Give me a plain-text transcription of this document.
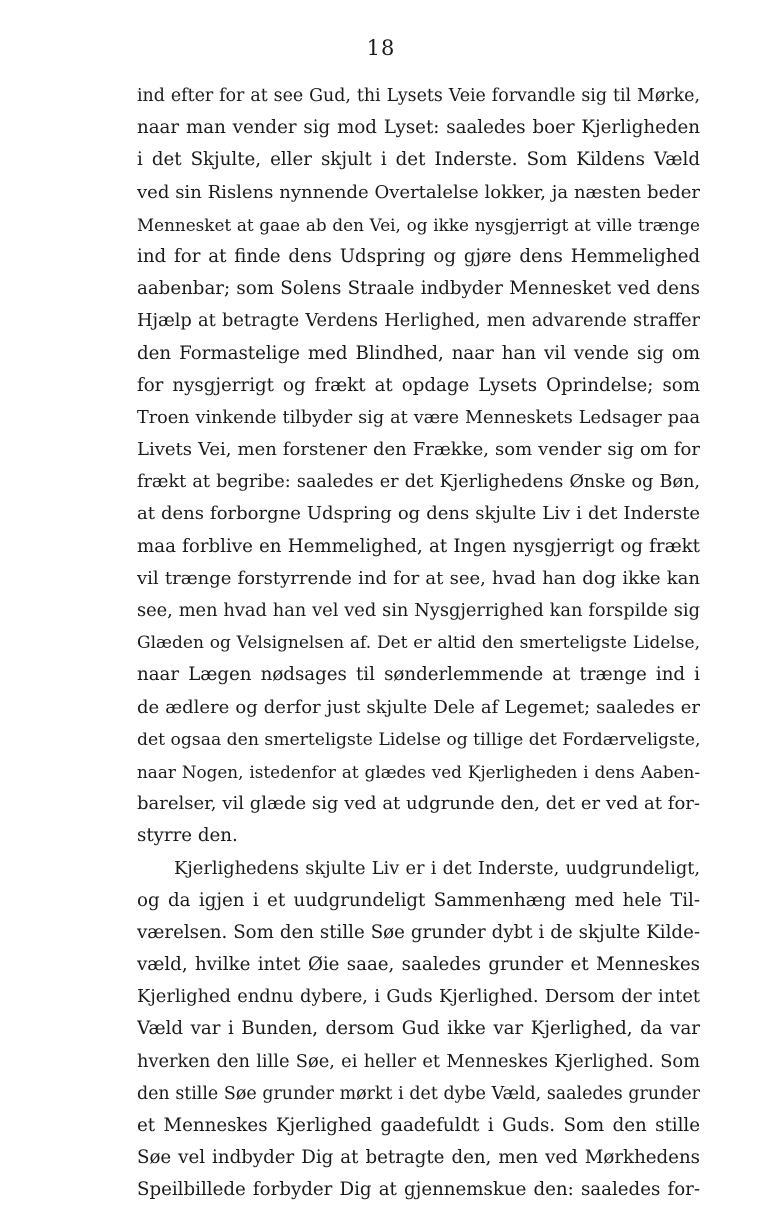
18
ind efter for at see Gud, thi Lysets Veie forvandle sig til Mørke,
naar man vender sig mod Lyset: saaledes boer Kjerligheden
i det Skjulte, eller skjult i det Inderste. Som Kildens Væld
ved sin Rislens nynnende Overtalelse lokker, ja næsten beder
Mennesket at gaae ab den Vei, og ikke nysgjerrigt at ville trænge
ind for at finde dens Udspring og gjøre dens Hemmelighed
aabenbar; som Solens Straale indbyder Mennesket ved dens
Hjælp at betragte Verdens Herlighed, men advarende straffer
den Formastelige med Blindhed, naar han vil vende sig om
for nysgjerrigt og frækt at opdage Lysets Oprindelse; som
Troen vinkende tilbyder sig at være Menneskets Ledsager paa
Livets Vei, men forstener den Frække, som vender sig om for
frækt at begribe: saaledes er det Kjerlighedens Ønske og Bøn,
at dens forborgne Udspring og dens skjulte Liv i det Inderste
maa forblive en Hemmelighed, at Ingen nysgjerrigt og frækt
vil trænge forstyrrende ind for at see, hvad han dog ikke kan
see, men hvad han vel ved sin Nysgjerrighed kan forspilde sig
Glæden og Velsignelsen af. Det er altid den smerteligste Lidelse,
naar Lægen nødsages til sønderlemmende at trænge ind i
de ædlere og derfor just skjulte Dele af Legemet; saaledes er
det ogsaa den smerteligste Lidelse og tillige det Fordærveligste,
naar Nogen, istedenfor at glædes ved Kjerligheden i dens Aaben-
barelser, vil glæde sig ved at udgrunde den, det er ved at for-
styrre den.
Kjerlighedens skjulte Liv er i det Inderste, uudgrundeligt,
og da igjen i et uudgrundeligt Sammenhæng med hele Til-
værelsen. Som den stille Søe grunder dybt i de skjulte Kilde-
væld, hvilke intet Øie saae, saaledes grunder et Menneskes
Kjerlighed endnu dybere, i Guds Kjerlighed. Dersom der intet
Væld var i Bunden, dersom Gud ikke var Kjerlighed, da var
hverken den lille Søe, ei heller et Menneskes Kjerlighed. Som
den stille Søe grunder mørkt i det dybe Væld, saaledes grunder
et Menneskes Kjerlighed gaadefuldt i Guds. Som den stille
Søe vel indbyder Dig at betragte den, men ved Mørkhedens
Speilbillede forbyder Dig at gjennemskue den: saaledes for-
